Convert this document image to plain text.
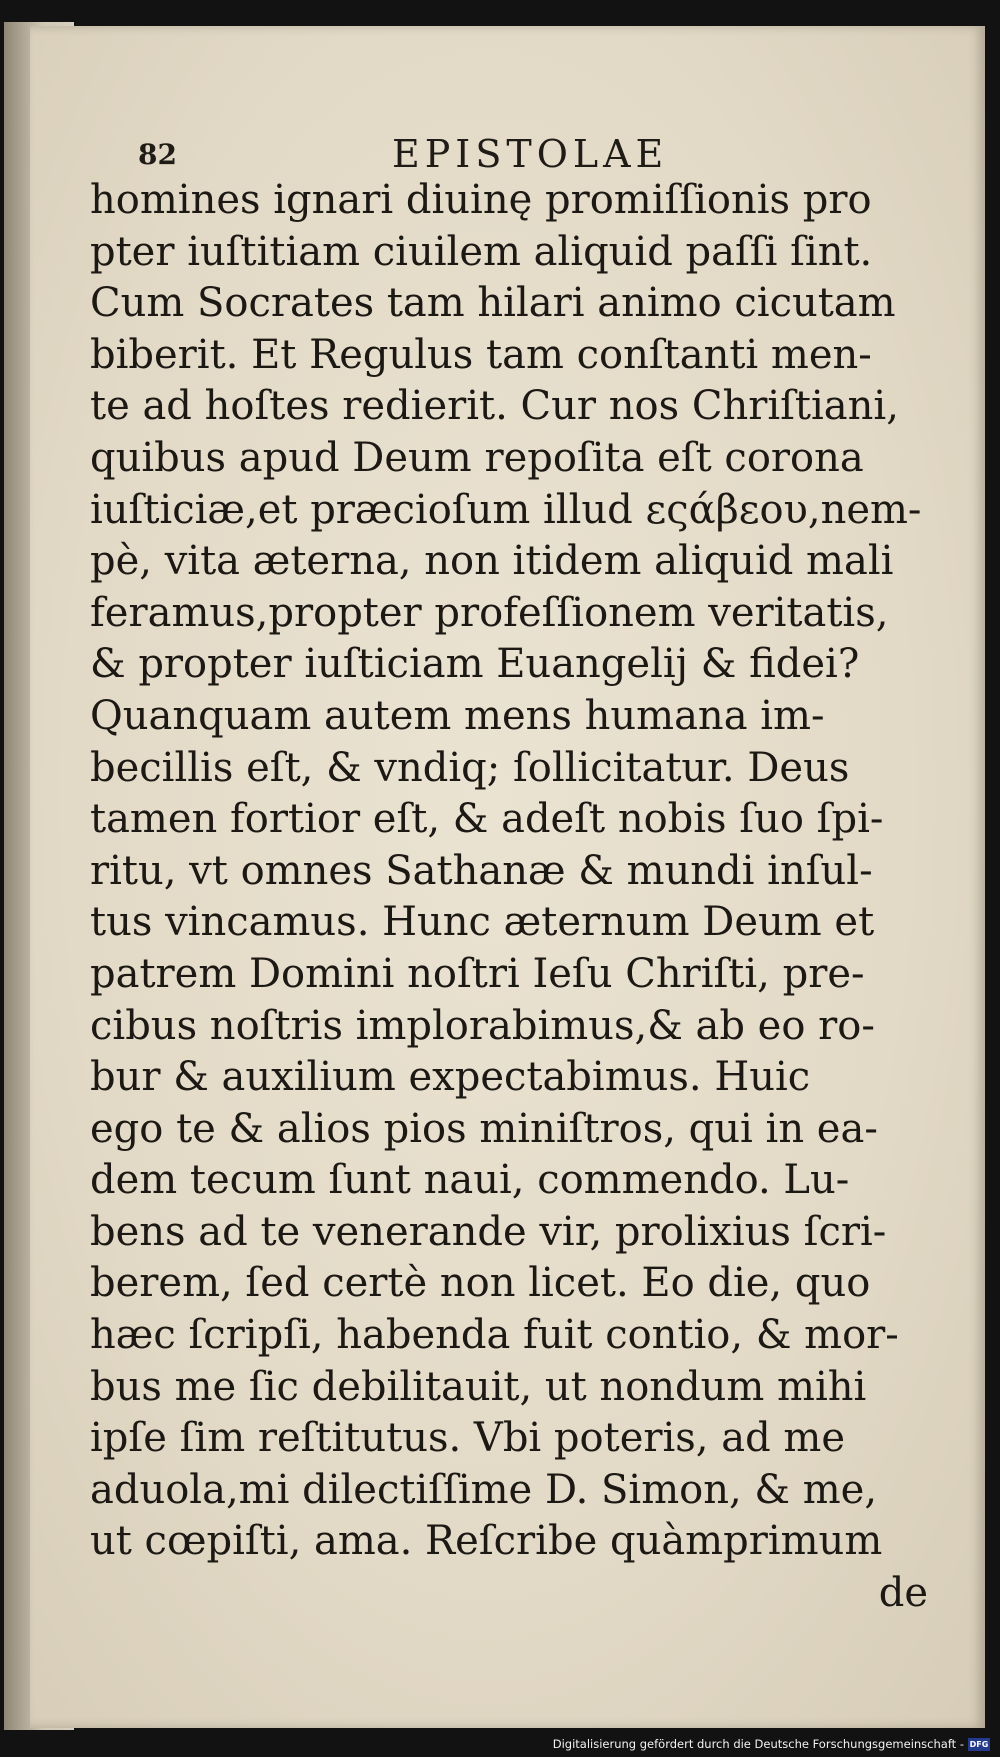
82	EPISTOLAE
homines ignari diuinę promiſſionis pro
pter iuſtitiam ciuilem aliquid paſſi ſint.
Cum Socrates tam hilari animo cicutam
biberit. Et Regulus tam conſtanti men-
te ad hoſtes redierit. Cur nos Chriſtiani,
quibus apud Deum repoſita eſt corona
iuſticiæ,et præcioſum illud εςάβεου,nem-
pè, vita æterna, non itidem aliquid mali
feramus,propter profeſſionem veritatis,
& propter iuſticiam Euangelij & fidei?
Quanquam autem mens humana im-
becillis eſt, & vndiq; ſollicitatur. Deus
tamen fortior eſt, & adeſt nobis ſuo ſpi-
ritu, vt omnes Sathanæ & mundi inſul-
tus vincamus. Hunc æternum Deum et
patrem Domini noſtri Ieſu Chriſti, pre-
cibus noſtris implorabimus,& ab eo ro-
bur & auxilium expectabimus. Huic
ego te & alios pios miniſtros, qui in ea-
dem tecum ſunt naui, commendo. Lu-
bens ad te venerande vir, prolixius ſcri-
berem, ſed certè non licet. Eo die, quo
hæc ſcripſi, habenda fuit contio, & mor-
bus me ſic debilitauit, ut nondum mihi
ipſe ſim reſtitutus. Vbi poteris, ad me
aduola,mi dilectiſſime D. Simon, & me,
ut cœpiſti, ama. Reſcribe quàmprimum
de
Digitalisierung gefördert durch die Deutsche Forschungsgemeinschaft - DFG
